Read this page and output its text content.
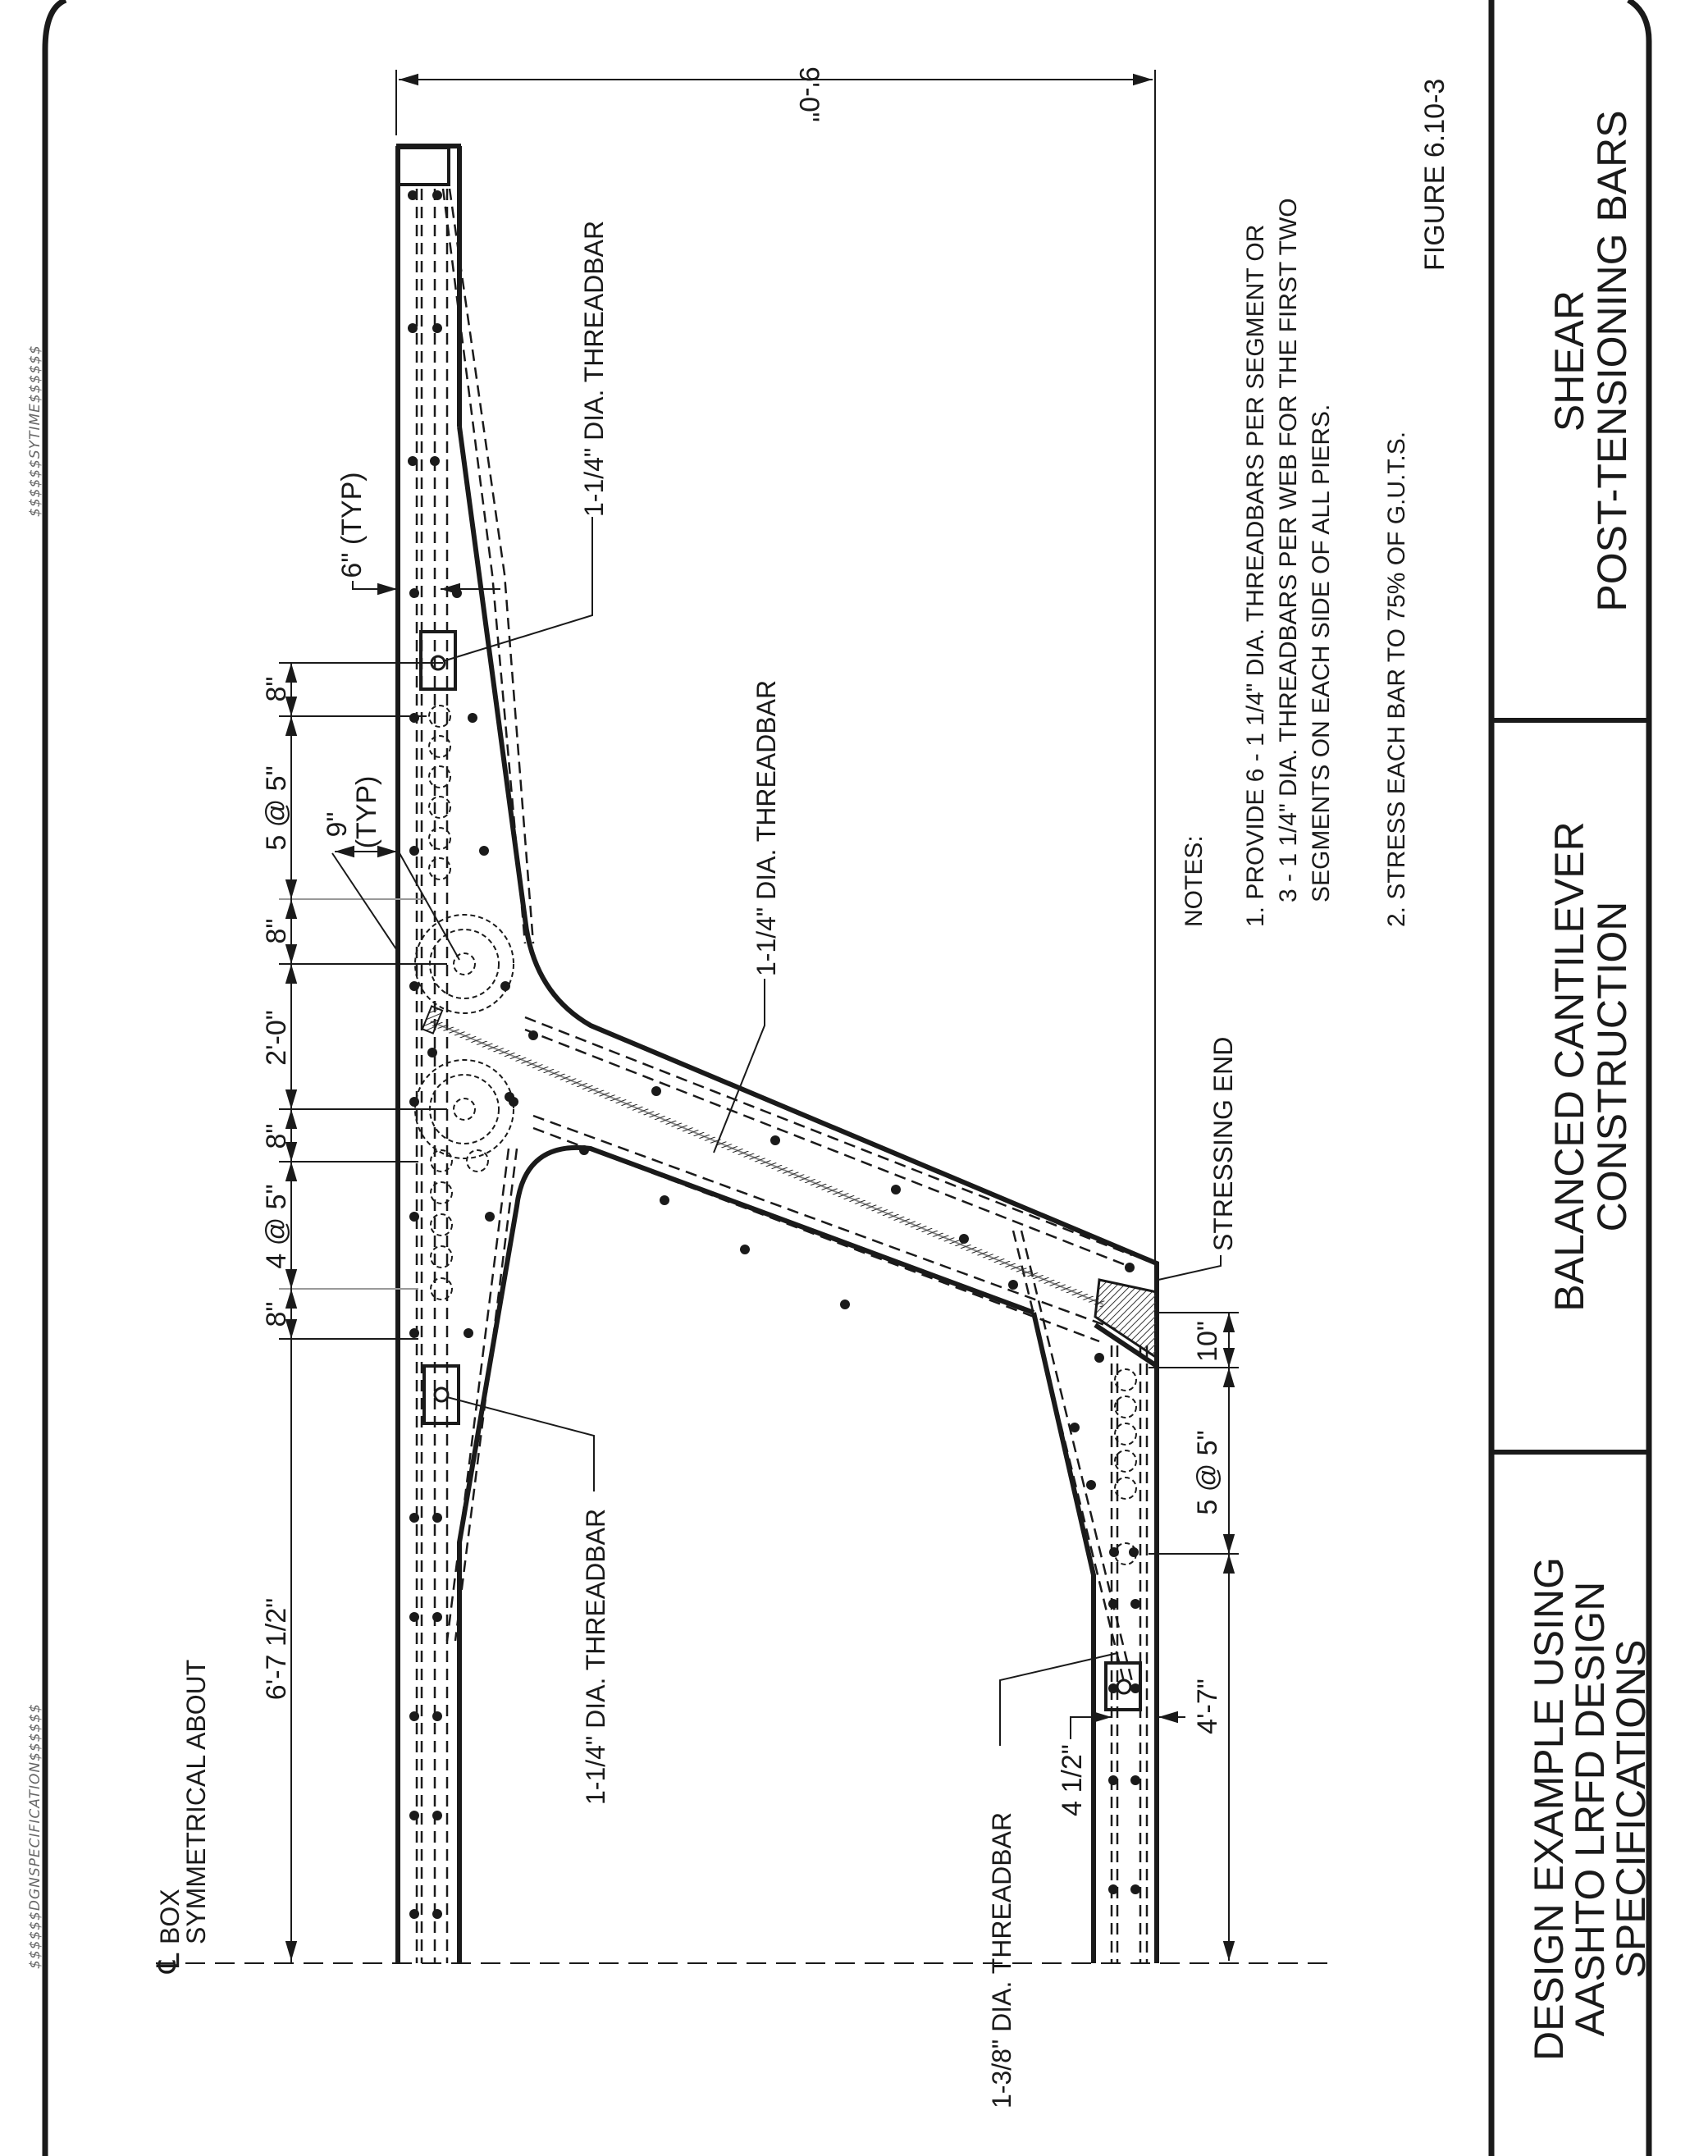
$$$$$$SYTIME$$$$$$
$$$$$$DGNSPECIFICATION$$$$$$
SHEAR
POST-TENSIONING BARS
BALANCED CANTILEVER
CONSTRUCTION
DESIGN EXAMPLE USING
AASHTO LRFD DESIGN
SPECIFICATIONS
FIGURE 6.10-3
NOTES: 1. PROVIDE 6 - 1 1/4" DIA. THREADBARS PER SEGMENT OR 3 - 1 1/4" DIA. THREADBARS PER WEB FOR THE FIRST TWO SEGMENTS ON EACH SIDE OF ALL PIERS. 2. STRESS EACH BAR TO 75% OF G.U.T.S.
9'-0"
8"
5 @ 5"
8"
2'-0"
8"
4 @ 5"
8"
6'-7 1/2"
6" (TYP)
9"
(TYP)
10"
5 @ 5"
4'-7"
4 1/2"
1-1/4" DIA. THREADBAR
1-1/4" DIA. THREADBAR
1-1/4" DIA. THREADBAR
1-3/8" DIA. THREADBAR
STRESSING END
℄
BOX
SYMMETRICAL ABOUT
